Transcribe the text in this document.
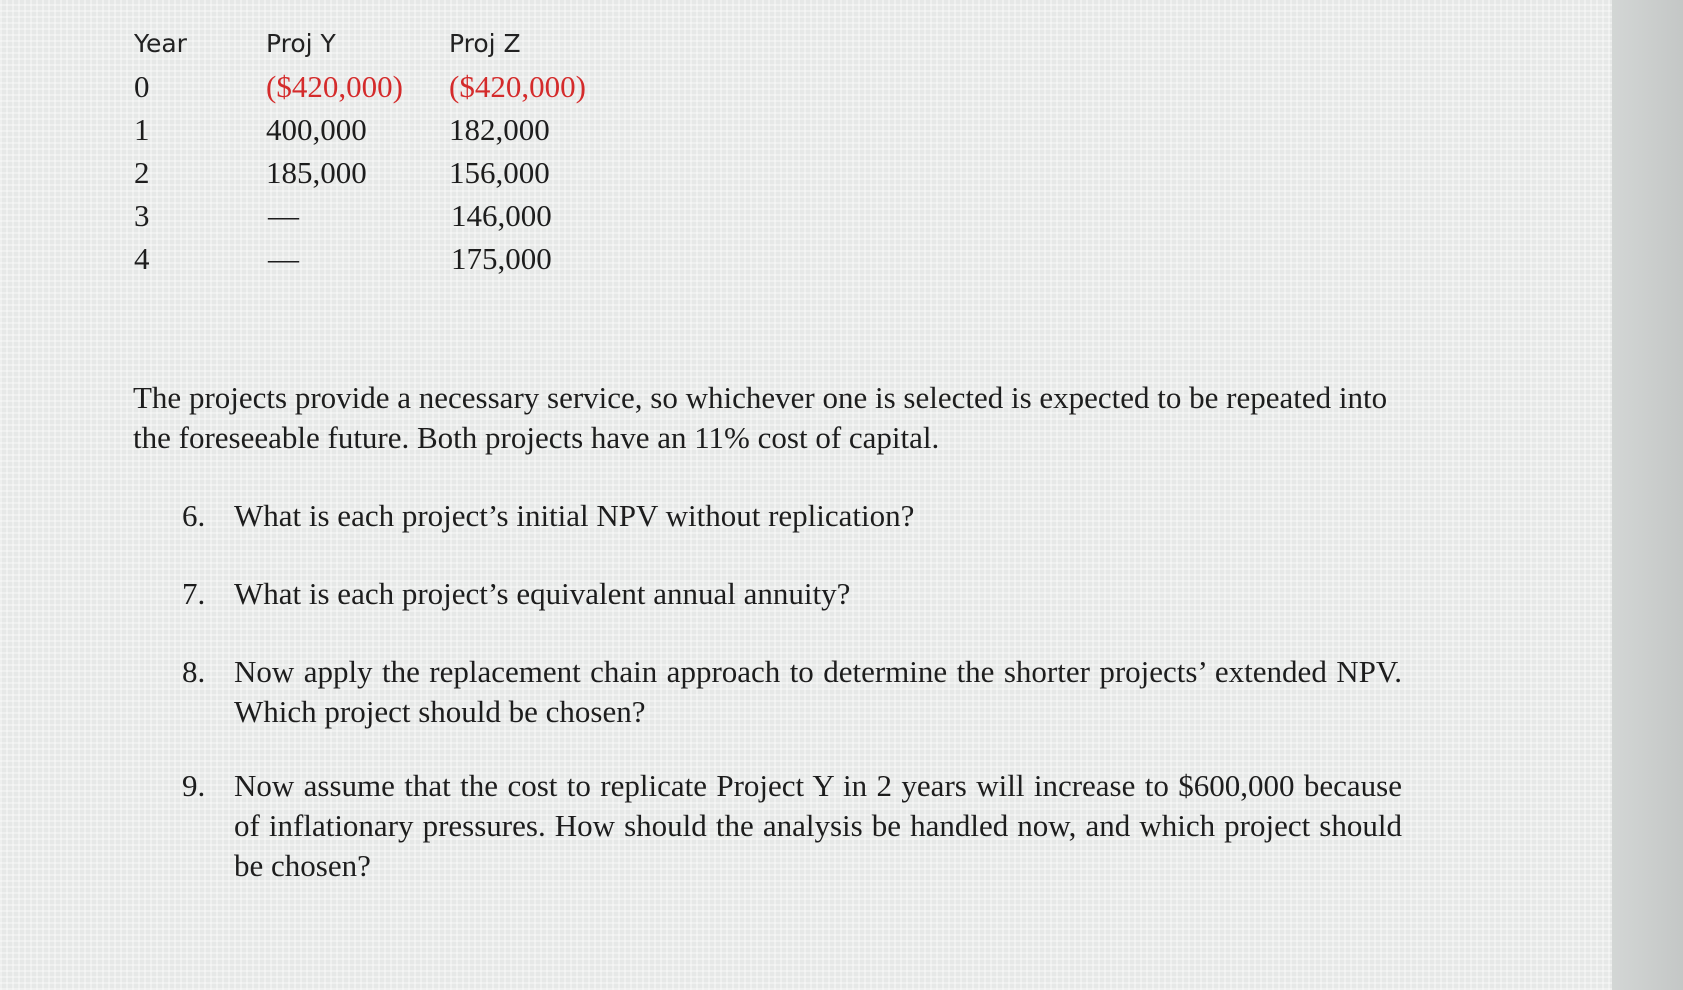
Year	Proj Y	Proj Z
0	($420,000)	($420,000)
1	400,000	182,000
2	185,000	156,000
3	—	146,000
4	—	175,000
The projects provide a necessary service, so whichever one is selected is expected to be repeated into the foreseeable future. Both projects have an 11% cost of capital.
6. What is each project’s initial NPV without replication?
7. What is each project’s equivalent annual annuity?
8. Now apply the replacement chain approach to determine the shorter projects’ extended NPV. Which project should be chosen?
9. Now assume that the cost to replicate Project Y in 2 years will increase to $600,000 because of inflationary pressures. How should the analysis be handled now, and which project should be chosen?
